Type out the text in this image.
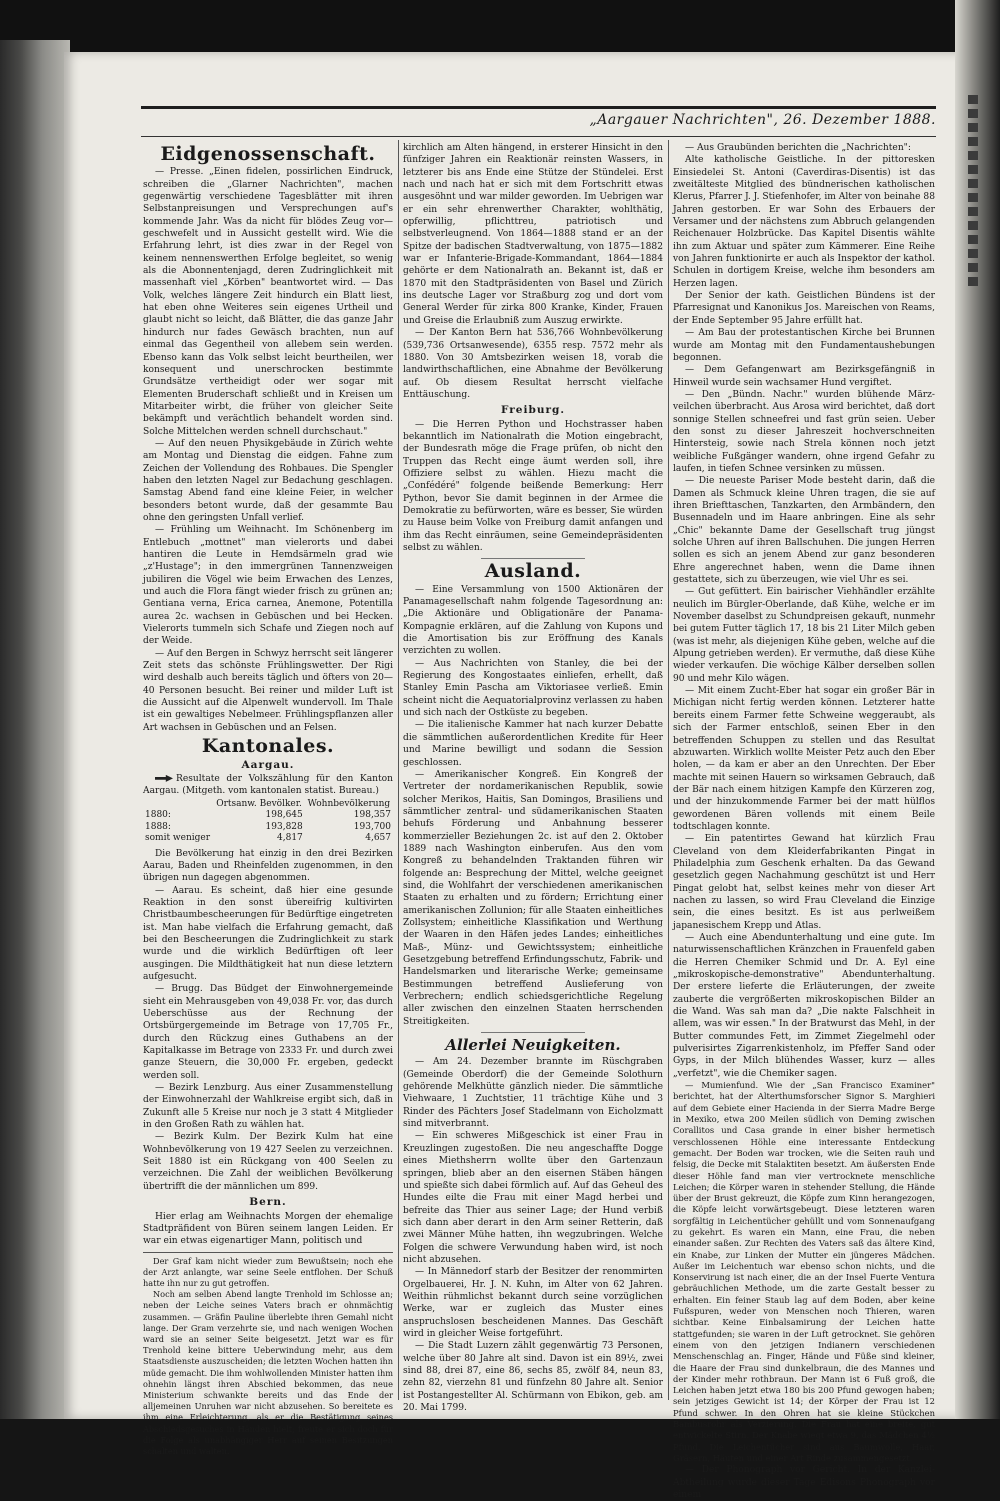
„Aargauer Nachrichten", 26. Dezember 1888.
Eidgenossenschaft.

— Presse. „Einen fidelen, possirlichen Eindruck, schreiben die „Glarner Nachrichten", machen gegenwärtig verschiedene Tagesblätter mit ihren Selbstanpreisungen und Versprechungen auf's kommende Jahr. Was da nicht für blödes Zeug vor—geschwefelt und in Aussicht gestellt wird. Wie die Erfahrung lehrt, ist dies zwar in der Regel von keinem nennenswerthen Erfolge begleitet, so wenig als die Abonnentenjagd, deren Zudringlichkeit mit massenhaft viel „Körben" beantwortet wird. — Das Volk, welches längere Zeit hindurch ein Blatt liest, hat eben ohne Weiteres sein eigenes Urtheil und glaubt nicht so leicht, daß Blätter, die das ganze Jahr hindurch nur fades Gewäsch brachten, nun auf einmal das Gegentheil von allebem sein werden. Ebenso kann das Volk selbst leicht beurtheilen, wer konsequent und unerschrocken bestimmte Grundsätze vertheidigt oder wer sogar mit Elementen Bruderschaft schließt und in Kreisen um Mitarbeiter wirbt, die früher von gleicher Seite bekämpft und verächtlich behandelt worden sind. Solche Mittelchen werden schnell durchschaut."

— Auf den neuen Physikgebäude in Zürich wehte am Montag und Dienstag die eidgen. Fahne zum Zeichen der Vollendung des Rohbaues. Die Spengler haben den letzten Nagel zur Bedachung geschlagen. Samstag Abend fand eine kleine Feier, in welcher besonders betont wurde, daß der gesammte Bau ohne den geringsten Unfall verlief.

— Frühling um Weihnacht. Im Schönenberg im Entlebuch „mottnet" man vielerorts und dabei hantiren die Leute in Hemdsärmeln grad wie „z'Hustage"; in den immergrünen Tannenzweigen jubiliren die Vögel wie beim Erwachen des Lenzes, und auch die Flora fängt wieder frisch zu grünen an; Gentiana verna, Erica carnea, Anemone, Potentilla aurea 2c. wachsen in Gebüschen und bei Hecken. Vielerorts tummeln sich Schafe und Ziegen noch auf der Weide.

— Auf den Bergen in Schwyz herrscht seit längerer Zeit stets das schönste Frühlingswetter. Der Rigi wird deshalb auch bereits täglich und öfters von 20—40 Personen besucht. Bei reiner und milder Luft ist die Aussicht auf die Alpenwelt wundervoll. Im Thale ist ein gewaltiges Nebelmeer. Frühlingspflanzen aller Art wachsen in Gebüschen und an Felsen.

Kantonales.
Aargau.

Resultate der Volkszählung für den Kanton Aargau. (Mitgeth. vom kantonalen statist. Bureau.)

	Ortsanw. Bevölker.	Wohnbevölkerung
1880:	198,645	198,357
1888:	193,828	193,700
somit weniger	4,817	4,657

Die Bevölkerung hat einzig in den drei Bezirken Aarau, Baden und Rheinfelden zugenommen, in den übrigen nun dagegen abgenommen.

— Aarau. Es scheint, daß hier eine gesunde Reaktion in den sonst übereifrig kultivirten Christbaumbescheerungen für Bedürftige eingetreten ist. Man habe vielfach die Erfahrung gemacht, daß bei den Bescheerungen die Zudringlichkeit zu stark wurde und die wirklich Bedürftigen oft leer ausgingen. Die Mildthätigkeit hat nun diese letztern aufgesucht.

— Brugg. Das Büdget der Einwohnergemeinde sieht ein Mehrausgeben von 49,038 Fr. vor, das durch Ueberschüsse aus der Rechnung der Ortsbürgergemeinde im Betrage von 17,705 Fr., durch den Rückzug eines Guthabens an der Kapitalkasse im Betrage von 2333 Fr. und durch zwei ganze Steuern, die 30,000 Fr. ergeben, gedeckt werden soll.

— Bezirk Lenzburg. Aus einer Zusammenstellung der Einwohnerzahl der Wahlkreise ergibt sich, daß in Zukunft alle 5 Kreise nur noch je 3 statt 4 Mitglieder in den Großen Rath zu wählen hat.

— Bezirk Kulm. Der Bezirk Kulm hat eine Wohnbevölkerung von 19 427 Seelen zu verzeichnen. Seit 1880 ist ein Rückgang von 400 Seelen zu verzeichnen. Die Zahl der weiblichen Bevölkerung übertrifft die der männlichen um 899.

Bern.

Hier erlag am Weihnachts Morgen der ehemalige Stadtpräfident von Büren seinem langen Leiden. Er war ein etwas eigenartiger Mann, politisch und

Der Graf kam nicht wieder zum Bewußtsein; noch ehe der Arzt anlangte, war seine Seele entflohen. Der Schuß hatte ihn nur zu gut getroffen.

Noch am selben Abend langte Trenhold im Schlosse an; neben der Leiche seines Vaters brach er ohnmächtig zusammen. — Gräfin Pauline überlebte ihren Gemahl nicht lange. Der Gram verzehrte sie, und nach wenigen Wochen ward sie an seiner Seite beigesetzt. Jetzt war es für Trenhold keine bittere Ueberwindung mehr, aus dem Staatsdienste auszuscheiden; die letzten Wochen hatten ihn müde gemacht. Die ihm wohlwollenden Minister hatten ihm ohnehin längst ihren Abschied bekommen, das neue Ministerium schwankte bereits und das Ende der alljemeinen Unruhen war nicht abzusehen. So bereitete es ihm eine Erleichterung, als er die Bestätigung seines Abschiedsgesuches in Händen hielt; freute er sich doch für die Folge als unabhängiger Herr auf seinen Besitzungen schalten und walten.

kirchlich am Alten hängend, in ersterer Hinsicht in den fünfziger Jahren ein Reaktionär reinsten Wassers, in letzterer bis ans Ende eine Stütze der Stündelei. Erst nach und nach hat er sich mit dem Fortschritt etwas ausgesöhnt und war milder geworden. Im Uebrigen war er ein sehr ehrenwerther Charakter, wohlthätig, opferwillig, pflichttreu, patriotisch und selbstverleugnend. Von 1864—1888 stand er an der Spitze der badischen Stadtverwaltung, von 1875—1882 war er Infanterie-Brigade-Kommandant, 1864—1884 gehörte er dem Nationalrath an. Bekannt ist, daß er 1870 mit den Stadtpräsidenten von Basel und Zürich ins deutsche Lager vor Straßburg zog und dort vom General Werder für zirka 800 Kranke, Kinder, Frauen und Greise die Erlaubniß zum Auszug erwirkte.

— Der Kanton Bern hat 536,766 Wohnbevölkerung (539,736 Ortsanwesende), 6355 resp. 7572 mehr als 1880. Von 30 Amtsbezirken weisen 18, vorab die landwirthschaftlichen, eine Abnahme der Bevölkerung auf. Ob diesem Resultat herrscht vielfache Enttäuschung.

Freiburg.

— Die Herren Python und Hochstrasser haben bekanntlich im Nationalrath die Motion eingebracht, der Bundesrath möge die Frage prüfen, ob nicht den Truppen das Recht einge äumt werden soll, ihre Offiziere selbst zu wählen. Hiezu macht die „Confédéré" folgende beißende Bemerkung: Herr Python, bevor Sie damit beginnen in der Armee die Demokratie zu befürworten, wäre es besser, Sie würden zu Hause beim Volke von Freiburg damit anfangen und ihm das Recht einräumen, seine Gemeindepräsidenten selbst zu wählen.

Ausland.

— Eine Versammlung von 1500 Aktionären der Panamagesellschaft nahm folgende Tagesordnung an: „Die Aktionäre und Obligationäre der Panama-Kompagnie erklären, auf die Zahlung von Kupons und die Amortisation bis zur Eröffnung des Kanals verzichten zu wollen.

— Aus Nachrichten von Stanley, die bei der Regierung des Kongostaates einliefen, erhellt, daß Stanley Emin Pascha am Viktoriasee verließ. Emin scheint nicht die Aequatorialprovinz verlassen zu haben und sich nach der Ostküste zu begeben.

— Die italienische Kammer hat nach kurzer Debatte die sämmtlichen außerordentlichen Kredite für Heer und Marine bewilligt und sodann die Session geschlossen.

— Amerikanischer Kongreß. Ein Kongreß der Vertreter der nordamerikanischen Republik, sowie solcher Merikos, Haitis, San Domingos, Brasiliens und sämmtlicher zentral- und südamerikanischen Staaten behufs Förderung und Anbahnung besserer kommerzieller Beziehungen 2c. ist auf den 2. Oktober 1889 nach Washington einberufen. Aus den vom Kongreß zu behandelnden Traktanden führen wir folgende an: Besprechung der Mittel, welche geeignet sind, die Wohlfahrt der verschiedenen amerikanischen Staaten zu erhalten und zu fördern; Errichtung einer amerikanischen Zollunion; für alle Staaten einheitliches Zollsystem; einheitliche Klassifikation und Werthung der Waaren in den Häfen jedes Landes; einheitliches Maß-, Münz- und Gewichtssystem; einheitliche Gesetzgebung betreffend Erfindungsschutz, Fabrik- und Handelsmarken und literarische Werke; gemeinsame Bestimmungen betreffend Auslieferung von Verbrechern; endlich schiedsgerichtliche Regelung aller zwischen den einzelnen Staaten herrschenden Streitigkeiten.

Allerlei Neuigkeiten.

— Am 24. Dezember brannte im Rüschgraben (Gemeinde Oberdorf) die der Gemeinde Solothurn gehörende Melkhütte gänzlich nieder. Die sämmtliche Viehwaare, 1 Zuchtstier, 11 trächtige Kühe und 3 Rinder des Pächters Josef Stadelmann von Eicholzmatt sind mitverbrannt.

— Ein schweres Mißgeschick ist einer Frau in Kreuzlingen zugestoßen. Die neu angeschaffte Dogge eines Miethsherrn wollte über den Gartenzaun springen, blieb aber an den eisernen Stäben hängen und spießte sich dabei förmlich auf. Auf das Geheul des Hundes eilte die Frau mit einer Magd herbei und befreite das Thier aus seiner Lage; der Hund verbiß sich dann aber derart in den Arm seiner Retterin, daß zwei Männer Mühe hatten, ihn wegzubringen. Welche Folgen die schwere Verwundung haben wird, ist noch nicht abzusehen.

— In Männedorf starb der Besitzer der renommirten Orgelbauerei, Hr. J. N. Kuhn, im Alter von 62 Jahren. Weithin rühmlichst bekannt durch seine vorzüglichen Werke, war er zugleich das Muster eines anspruchslosen bescheidenen Mannes. Das Geschäft wird in gleicher Weise fortgeführt.

— Die Stadt Luzern zählt gegenwärtig 73 Personen, welche über 80 Jahre alt sind. Davon ist ein 89½, zwei sind 88, drei 87, eine 86, sechs 85, zwölf 84, neun 83, zehn 82, vierzehn 81 und fünfzehn 80 Jahre alt. Senior ist Postangestellter Al. Schürmann von Ebikon, geb. am 20. Mai 1799.

— Aus Graubünden berichten die „Nachrichten":

Alte katholische Geistliche. In der pittoresken Einsiedelei St. Antoni (Caverdiras-Disentis) ist das zweitälteste Mitglied des bündnerischen katholischen Klerus, Pfarrer J. J. Stiefenhofer, im Alter von beinahe 88 Jahren gestorben. Er war Sohn des Erbauers der Versamer und der nächstens zum Abbruch gelangenden Reichenauer Holzbrücke. Das Kapitel Disentis wählte ihn zum Aktuar und später zum Kämmerer. Eine Reihe von Jahren funktionirte er auch als Inspektor der kathol. Schulen in dortigem Kreise, welche ihm besonders am Herzen lagen.

Der Senior der kath. Geistlichen Bündens ist der Pfarresignat und Kanonikus Jos. Mareischen von Reams, der Ende September 95 Jahre erfüllt hat.

— Am Bau der protestantischen Kirche bei Brunnen wurde am Montag mit den Fundamentaushebungen begonnen.

— Dem Gefangenwart am Bezirksgefängniß in Hinweil wurde sein wachsamer Hund vergiftet.

— Den „Bündn. Nachr." wurden blühende März-veilchen überbracht. Aus Arosa wird berichtet, daß dort sonnige Stellen schneefrei und fast grün seien. Ueber den sonst zu dieser Jahreszeit hochverschneiten Hintersteig, sowie nach Strela können noch jetzt weibliche Fußgänger wandern, ohne irgend Gefahr zu laufen, in tiefen Schnee versinken zu müssen.

— Die neueste Pariser Mode besteht darin, daß die Damen als Schmuck kleine Uhren tragen, die sie auf ihren Briefttaschen, Tanzkarten, den Armbändern, den Busennadeln und im Haare anbringen. Eine als sehr „Chic" bekannte Dame der Gesellschaft trug jüngst solche Uhren auf ihren Ballschuhen. Die jungen Herren sollen es sich an jenem Abend zur ganz besonderen Ehre angerechnet haben, wenn die Dame ihnen gestattete, sich zu überzeugen, wie viel Uhr es sei.

— Gut gefüttert. Ein bairischer Viehhändler erzählte neulich im Bürgler-Oberlande, daß Kühe, welche er im November daselbst zu Schundpreisen gekauft, nunmehr bei gutem Futter täglich 17, 18 bis 21 Liter Milch geben (was ist mehr, als diejenigen Kühe geben, welche auf die Alpung getrieben werden). Er vermuthe, daß diese Kühe wieder verkaufen. Die wöchige Kälber derselben sollen 90 und mehr Kilo wägen.

— Mit einem Zucht-Eber hat sogar ein großer Bär in Michigan nicht fertig werden können. Letzterer hatte bereits einem Farmer fette Schweine weggeraubt, als sich der Farmer entschloß, seinen Eber in den betreffenden Schuppen zu stellen und das Resultat abzuwarten. Wirklich wollte Meister Petz auch den Eber holen, — da kam er aber an den Unrechten. Der Eber machte mit seinen Hauern so wirksamen Gebrauch, daß der Bär nach einem hitzigen Kampfe den Kürzeren zog, und der hinzukommende Farmer bei der matt hülflos gewordenen Bären vollends mit einem Beile todtschlagen konnte.

— Ein patentirtes Gewand hat kürzlich Frau Cleveland von dem Kleiderfabrikanten Pingat in Philadelphia zum Geschenk erhalten. Da das Gewand gesetzlich gegen Nachahmung geschützt ist und Herr Pingat gelobt hat, selbst keines mehr von dieser Art nachen zu lassen, so wird Frau Cleveland die Einzige sein, die eines besitzt. Es ist aus perlweißem japanesischem Krepp und Atlas.

— Auch eine Abendunterhaltung und eine gute. Im naturwissenschaftlichen Kränzchen in Frauenfeld gaben die Herren Chemiker Schmid und Dr. A. Eyl eine „mikroskopische-demonstrative" Abendunterhaltung. Der erstere lieferte die Erläuterungen, der zweite zauberte die vergrößerten mikroskopischen Bilder an die Wand. Was sah man da? „Die nakte Falschheit in allem, was wir essen." In der Bratwurst das Mehl, in der Butter commundes Fett, im Zimmet Ziegelmehl oder pulverisirtes Zigarrenkistenholz, im Pfeffer Sand oder Gyps, in der Milch blühendes Wasser, kurz — alles „verfetzt", wie die Chemiker sagen.

— Mumienfund. Wie der „San Francisco Examiner" berichtet, hat der Alterthumsforscher Signor S. Marghieri auf dem Gebiete einer Hacienda in der Sierra Madre Berge in Mexiko, etwa 200 Meilen südlich von Deming zwischen Corallitos und Casa grande in einer bisher hermetisch verschlossenen Höhle eine interessante Entdeckung gemacht. Der Boden war trocken, wie die Seiten rauh und felsig, die Decke mit Stalaktiten besetzt. Am äußersten Ende dieser Höhle fand man vier vertrocknete menschliche Leichen; die Körper waren in stehender Stellung, die Hände über der Brust gekreuzt, die Köpfe zum Kinn herangezogen, die Köpfe leicht vorwärtsgebeugt. Diese letzteren waren sorgfältig in Leichentücher gehüllt und vom Sonnenaufgang zu gekehrt. Es waren ein Mann, eine Frau, die neben einander saßen. Zur Rechten des Vaters saß das ältere Kind, ein Knabe, zur Linken der Mutter ein jüngeres Mädchen. Außer im Leichentuch war ebenso schon nichts, und die Konservirung ist nach einer, die an der Insel Fuerte Ventura gebräuchlichen Methode, um die zarte Gestalt besser zu erhalten. Ein feiner Staub lag auf dem Boden, aber keine Fußspuren, weder von Menschen noch Thieren, waren sichtbar. Keine Einbalsamirung der Leichen hatte stattgefunden; sie waren in der Luft getrocknet. Sie gehören einem von den jetzigen Indianern verschiedenen Menschenschlag an. Finger, Hände und Füße sind kleiner, die Haare der Frau sind dunkelbraun, die des Mannes und der Kinder mehr rothbraun. Der Mann ist 6 Fuß groß, die Leichen haben jetzt etwa 180 bis 200 Pfund gewogen haben; sein jetziges Gewicht ist 14; der Körper der Frau ist 12 Pfund schwer. In den Ohren hat sie kleine Stückchen Bambusrohr als Verzierung. Die Frau hat eine breite, gut entwickelte Stirn. Der Knabe wiegt etwa 9, das Mädchen 4½ Pfund. Die Leichentücher sind aus Baumwolle, Haar, Gräsern, Häuten und einer Art Rinde zusammengesetzt.

— Der Phonograph vor Gericht. In der Kanzlei-Abtheilung wurde dieser Tage Edisons Phonograph vor einem
